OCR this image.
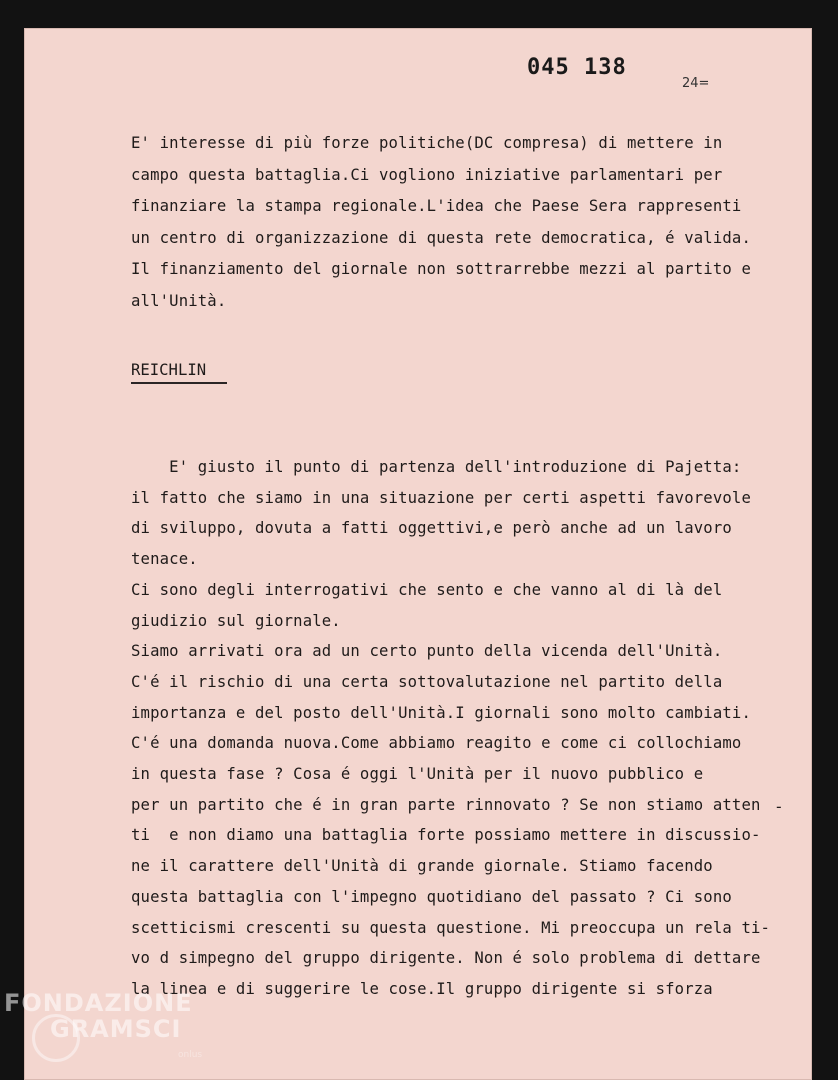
045 138
24=
E' interesse di più forze politiche(DC compresa) di mettere in
campo questa battaglia.Ci vogliono iniziative parlamentari per
finanziare la stampa regionale.L'idea che Paese Sera rappresenti
un centro di organizzazione di questa rete democratica, é valida.
Il finanziamento del giornale non sottrarrebbe mezzi al partito e
all'Unità.
REICHLIN
E' giusto il punto di partenza dell'introduzione di Pajetta:
il fatto che siamo in una situazione per certi aspetti favorevole
di sviluppo, dovuta a fatti oggettivi,e però anche ad un lavoro
tenace.
Ci sono degli interrogativi che sento e che vanno al di là del
giudizio sul giornale.
Siamo arrivati ora ad un certo punto della vicenda dell'Unità.
C'é il rischio di una certa sottovalutazione nel partito della
importanza e del posto dell'Unità.I giornali sono molto cambiati.
C'é una domanda nuova.Come abbiamo reagito e come ci collochiamo
in questa fase ? Cosa é oggi l'Unità per il nuovo pubblico e
per un partito che é in gran parte rinnovato ? Se non stiamo atten
ti  e non diamo una battaglia forte possiamo mettere in discussio-
ne il carattere dell'Unità di grande giornale. Stiamo facendo
questa battaglia con l'impegno quotidiano del passato ? Ci sono
scetticismi crescenti su questa questione. Mi preoccupa un rela ti-
vo d simpegno del gruppo dirigente. Non é solo problema di dettare
la linea e di suggerire le cose.Il gruppo dirigente si sforza
-
FONDAZIONE
GRAMSCI
onlus
